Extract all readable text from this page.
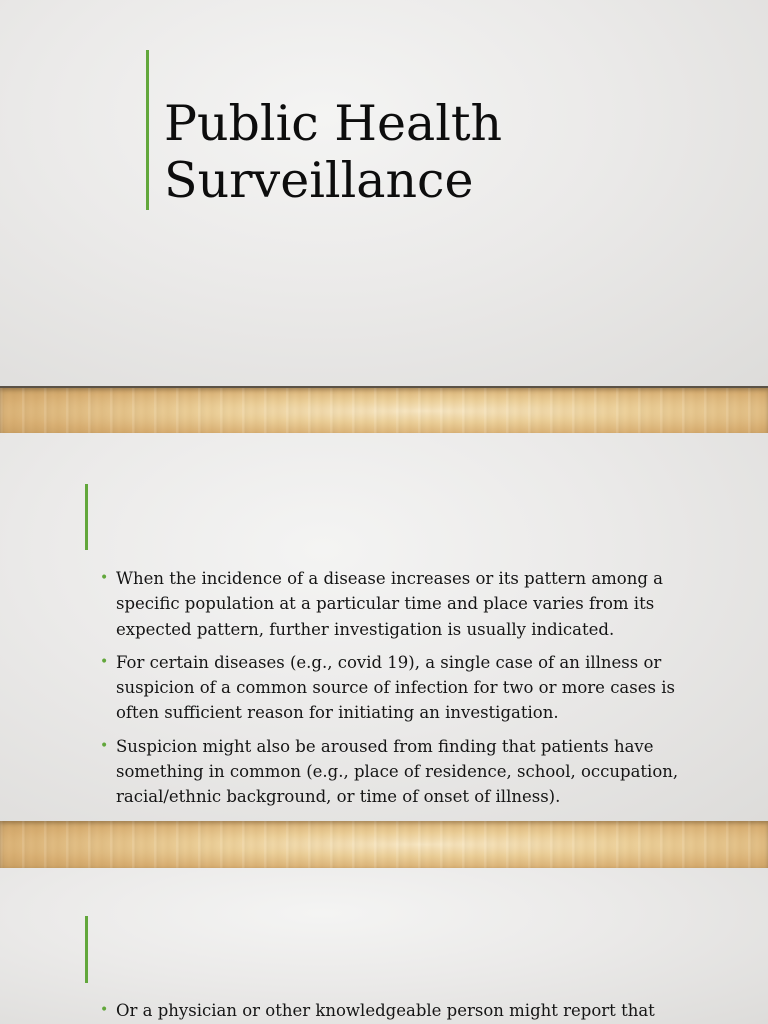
Public Health
Surveillance
• When the incidence of a disease increases or its pattern among a specific population at a particular time and place varies from its expected pattern, further investigation is usually indicated.
• For certain diseases (e.g., covid 19), a single case of an illness or suspicion of a common source of infection for two or more cases is often sufficient reason for initiating an investigation.
• Suspicion might also be aroused from finding that patients have something in common (e.g., place of residence, school, occupation, racial/ethnic background, or time of onset of illness).
• Or a physician or other knowledgeable person might report that
